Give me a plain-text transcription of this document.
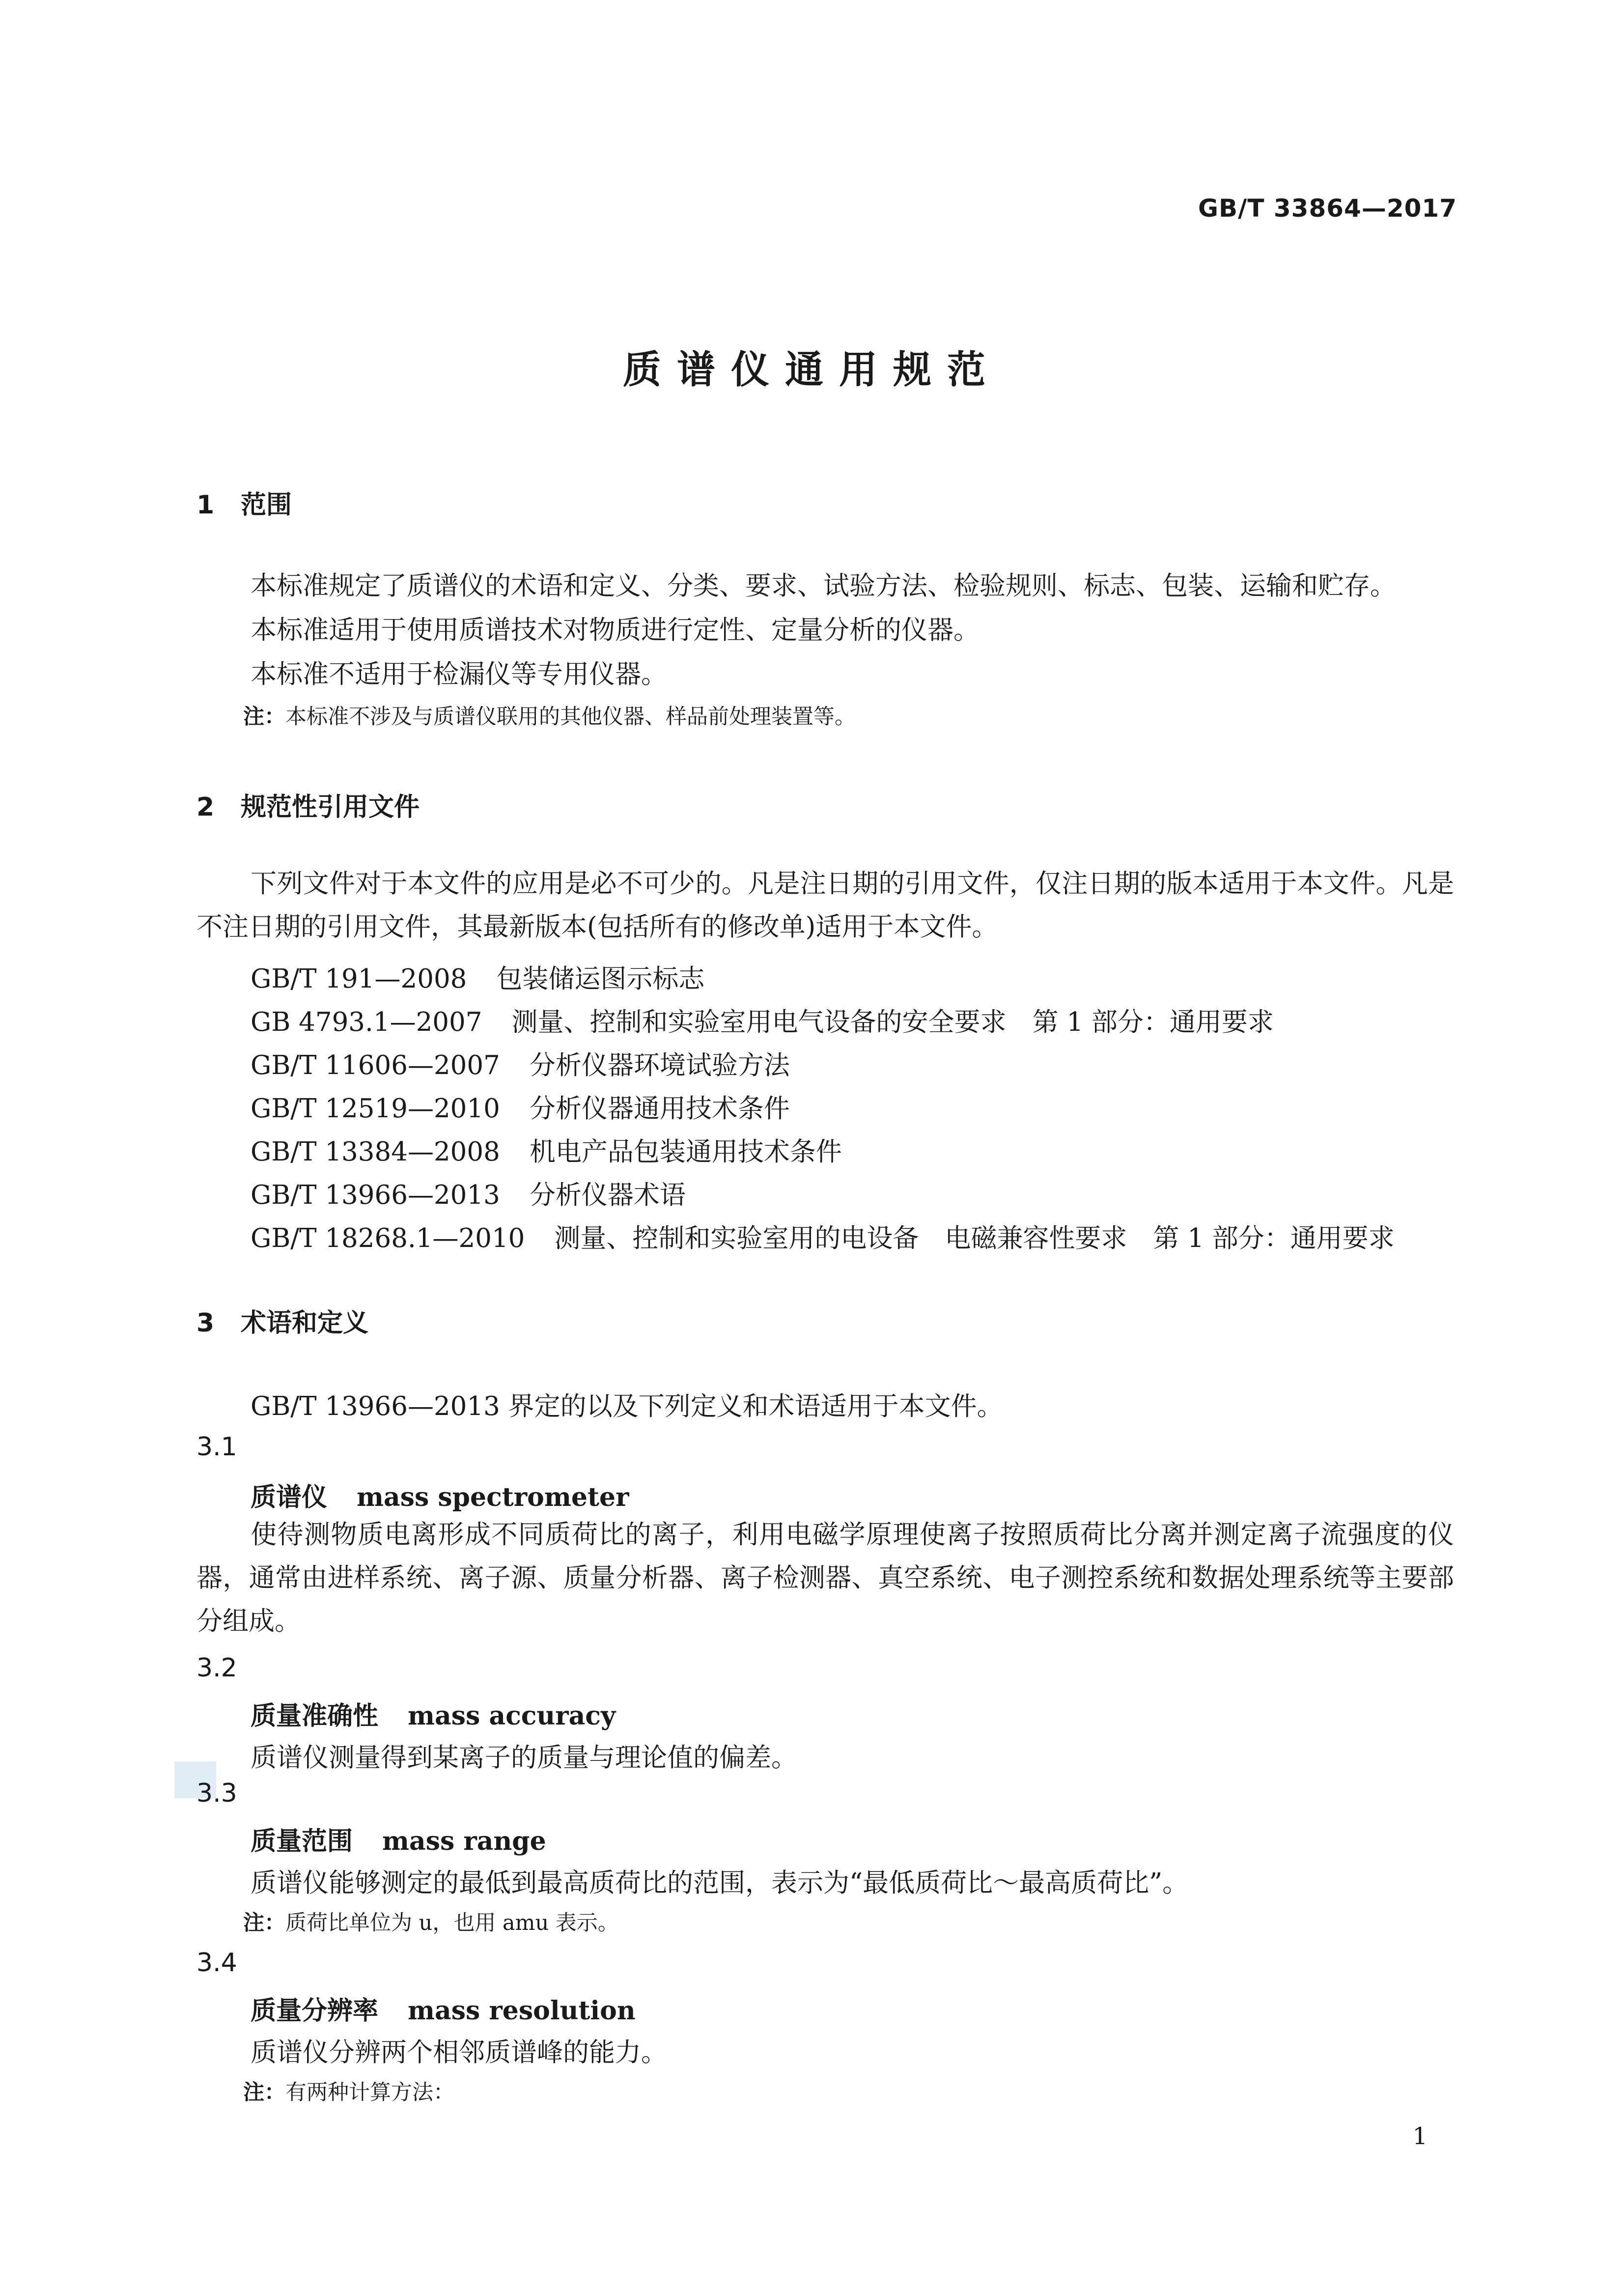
GB/T 33864—2017
质谱仪通用规范
1 范围
本标准规定了质谱仪的术语和定义、分类、要求、试验方法、检验规则、标志、包装、运输和贮存。
本标准适用于使用质谱技术对物质进行定性、定量分析的仪器。
本标准不适用于检漏仪等专用仪器。
注：本标准不涉及与质谱仪联用的其他仪器、样品前处理装置等。
2 规范性引用文件
下列文件对于本文件的应用是必不可少的。凡是注日期的引用文件，仅注日期的版本适用于本文件。凡是不注日期的引用文件，其最新版本(包括所有的修改单)适用于本文件。
GB/T 191—2008 包装储运图示标志
GB 4793.1—2007 测量、控制和实验室用电气设备的安全要求　第 1 部分：通用要求
GB/T 11606—2007 分析仪器环境试验方法
GB/T 12519—2010 分析仪器通用技术条件
GB/T 13384—2008 机电产品包装通用技术条件
GB/T 13966—2013 分析仪器术语
GB/T 18268.1—2010 测量、控制和实验室用的电设备　电磁兼容性要求　第 1 部分：通用要求
3 术语和定义
GB/T 13966—2013 界定的以及下列定义和术语适用于本文件。
3.1
质谱仪 mass spectrometer
使待测物质电离形成不同质荷比的离子，利用电磁学原理使离子按照质荷比分离并测定离子流强度的仪器，通常由进样系统、离子源、质量分析器、离子检测器、真空系统、电子测控系统和数据处理系统等主要部分组成。
3.2
质量准确性 mass accuracy
质谱仪测量得到某离子的质量与理论值的偏差。
3.3
质量范围 mass range
质谱仪能够测定的最低到最高质荷比的范围，表示为“最低质荷比～最高质荷比”。
注：质荷比单位为 u，也用 amu 表示。
3.4
质量分辨率 mass resolution
质谱仪分辨两个相邻质谱峰的能力。
注：有两种计算方法：
1
